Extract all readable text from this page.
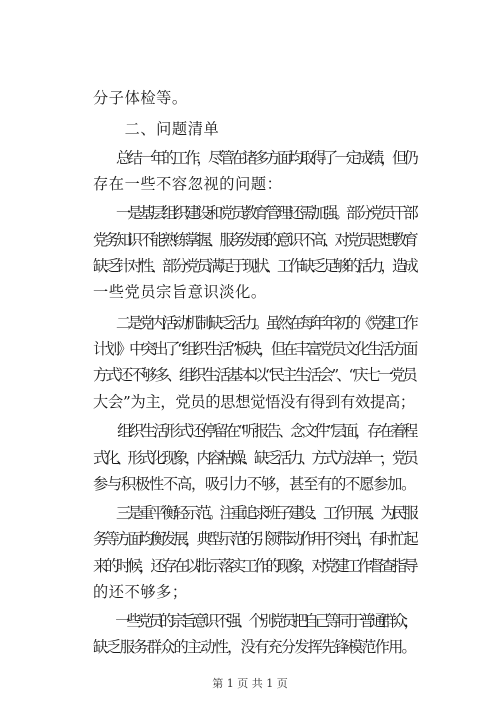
分子体检等。
　　二、问题清单
　　总结一年的工作，尽管在诸多方面均取得了一定成绩，但仍
存在一些不容忽视的问题：
　　一是基层组织建设和党员教育管理还需加强。部分党员干部
党务知识不能熟练掌握、服务发展的意识不高、对党员思想教育
缺乏针对性、部分党员满足于现状、工作缺乏足够的活力，造成
一些党员宗旨意识淡化。
　　二是党内活动机制缺乏活力。虽然在每年年初的《党建工作
计划》中突出了“组织生活”板块，但在丰富党员文化生活方面
方式还不够多、组织生活基本以“民主生活会”、“庆七一党员
大会”为主，党员的思想觉悟没有得到有效提高；
　　组织生活形式还停留在“听报告、念文件”层面，存在着程
式化、形式化现象，内容枯燥、缺乏活力、方式方法单一，党员
参与积极性不高，吸引力不够，甚至有的不愿参加。
　　三是重平衡轻示范。注重追求班子建设、工作开展、为民服
务等方面均衡发展，典型示范的引领带动作用不突出，有时忙起
来的时候，还存在以批示落实工作的现象，对党建工作督查指导
的还不够多；
　　一些党员的宗旨意识不强、个别党员把自己等同于普通群众，
缺乏服务群众的主动性，没有充分发挥先锋模范作用。
第 1 页 共 1 页
